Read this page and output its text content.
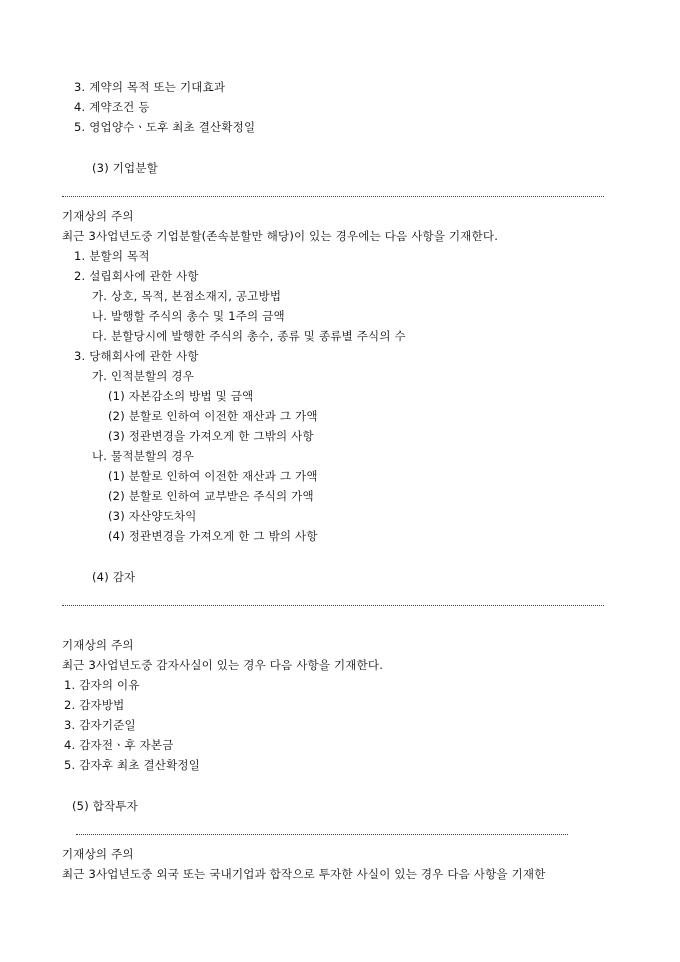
3. 계약의 목적 또는 기대효과
4. 계약조건 등
5. 영업양수ㆍ도후 최초 결산확정일
(3) 기업분할
기재상의 주의
최근 3사업년도중 기업분할(존속분할만 해당)이 있는 경우에는 다음 사항을 기재한다.
1. 분할의 목적
2. 설립회사에 관한 사항
가. 상호, 목적, 본점소재지, 공고방법
나. 발행할 주식의 총수 및 1주의 금액
다. 분할당시에 발행한 주식의 총수, 종류 및 종류별 주식의 수
3. 당해회사에 관한 사항
가. 인적분할의 경우
(1) 자본감소의 방법 및 금액
(2) 분할로 인하여 이전한 재산과 그 가액
(3) 정관변경을 가져오게 한 그밖의 사항
나. 물적분할의 경우
(1) 분할로 인하여 이전한 재산과 그 가액
(2) 분할로 인하여 교부받은 주식의 가액
(3) 자산양도차익
(4) 정관변경을 가져오게 한 그 밖의 사항
(4) 감자
기재상의 주의
최근 3사업년도중 감자사실이 있는 경우 다음 사항을 기재한다.
1. 감자의 이유
2. 감자방법
3. 감자기준일
4. 감자전ㆍ후 자본금
5. 감자후 최초 결산확정일
(5) 합작투자
기재상의 주의
최근 3사업년도중 외국 또는 국내기업과 합작으로 투자한 사실이 있는 경우 다음 사항을 기재한
